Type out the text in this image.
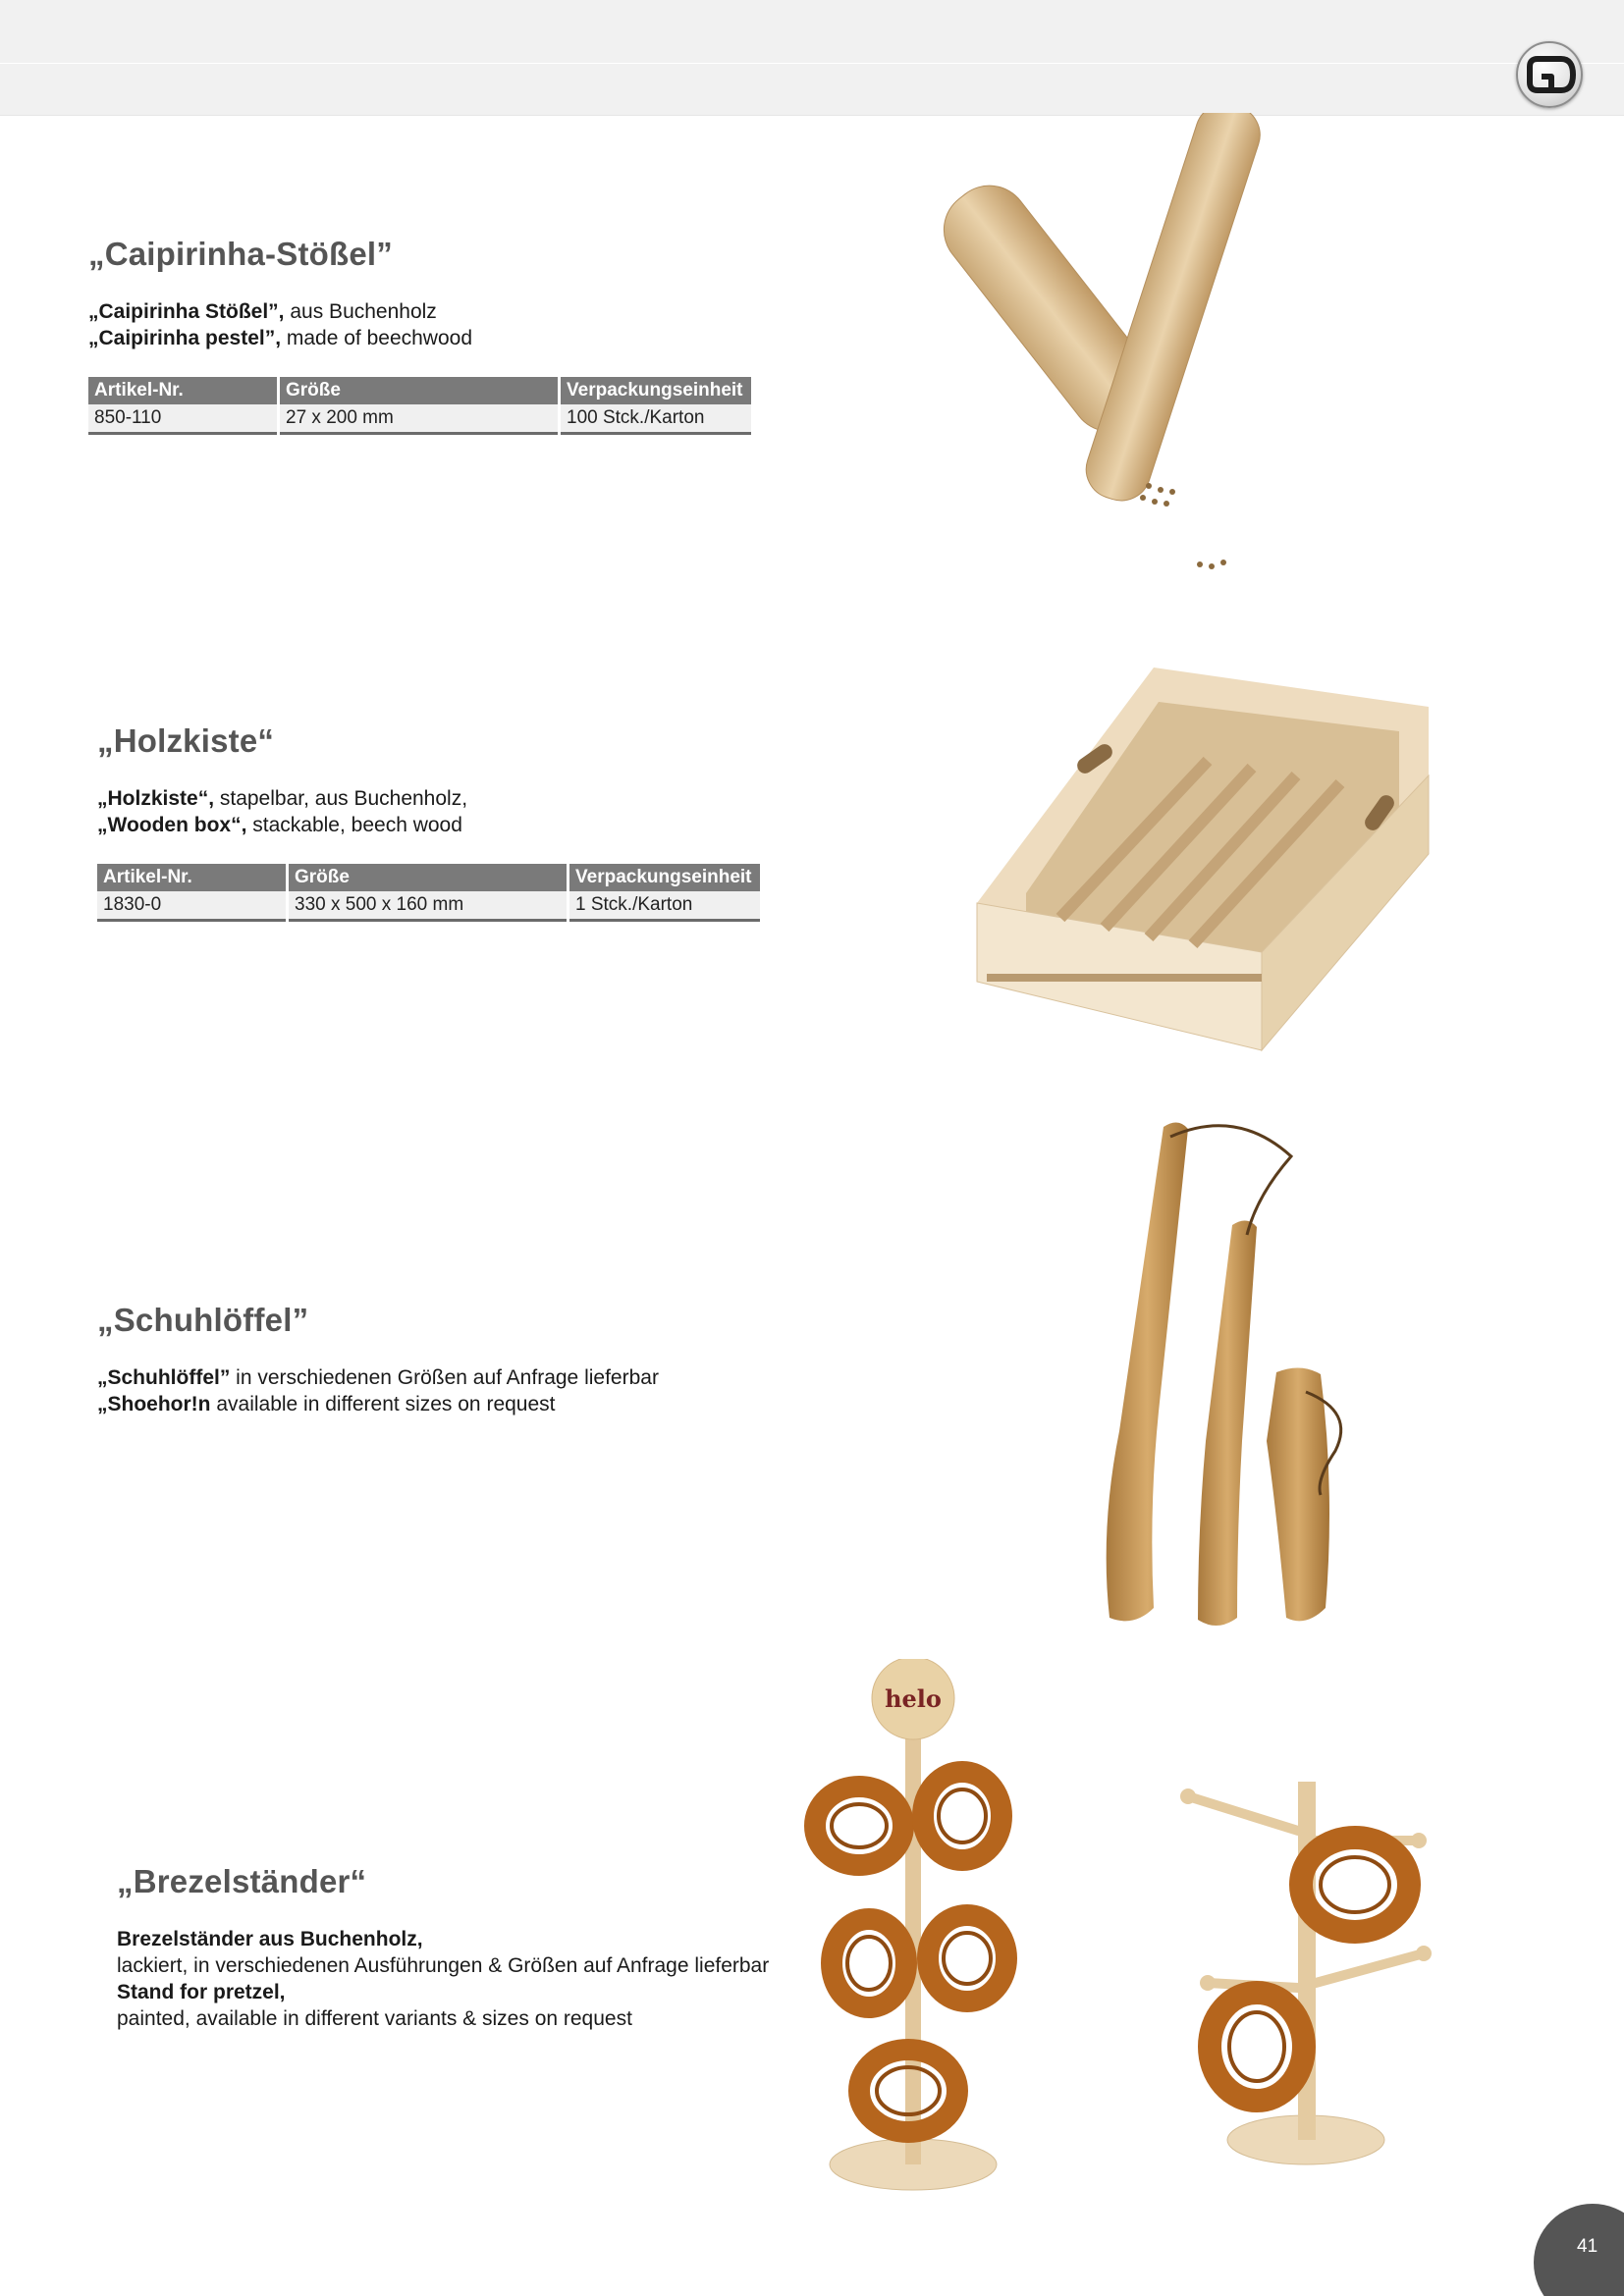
„Caipirinha-Stößel”
„Caipirinha Stößel”, aus Buchenholz
„Caipirinha pestel”, made of beechwood
Artikel-Nr.	Größe	Verpackungseinheit
850-110	27 x 200 mm	100 Stck./Karton
„Holzkiste“
„Holzkiste“, stapelbar, aus Buchenholz,
„Wooden box“, stackable, beech wood
Artikel-Nr.	Größe	Verpackungseinheit
1830-0	330 x 500 x 160 mm	1 Stck./Karton
„Schuhlöffel”
„Schuhlöffel” in verschiedenen Größen auf Anfrage lieferbar
„Shoehor!n available in different sizes on request
„Brezelständer“
Brezelständer aus Buchenholz,
lackiert, in verschiedenen Ausführungen & Größen auf Anfrage lieferbar
Stand for pretzel,
painted, available in different variants & sizes on request
helo
41
